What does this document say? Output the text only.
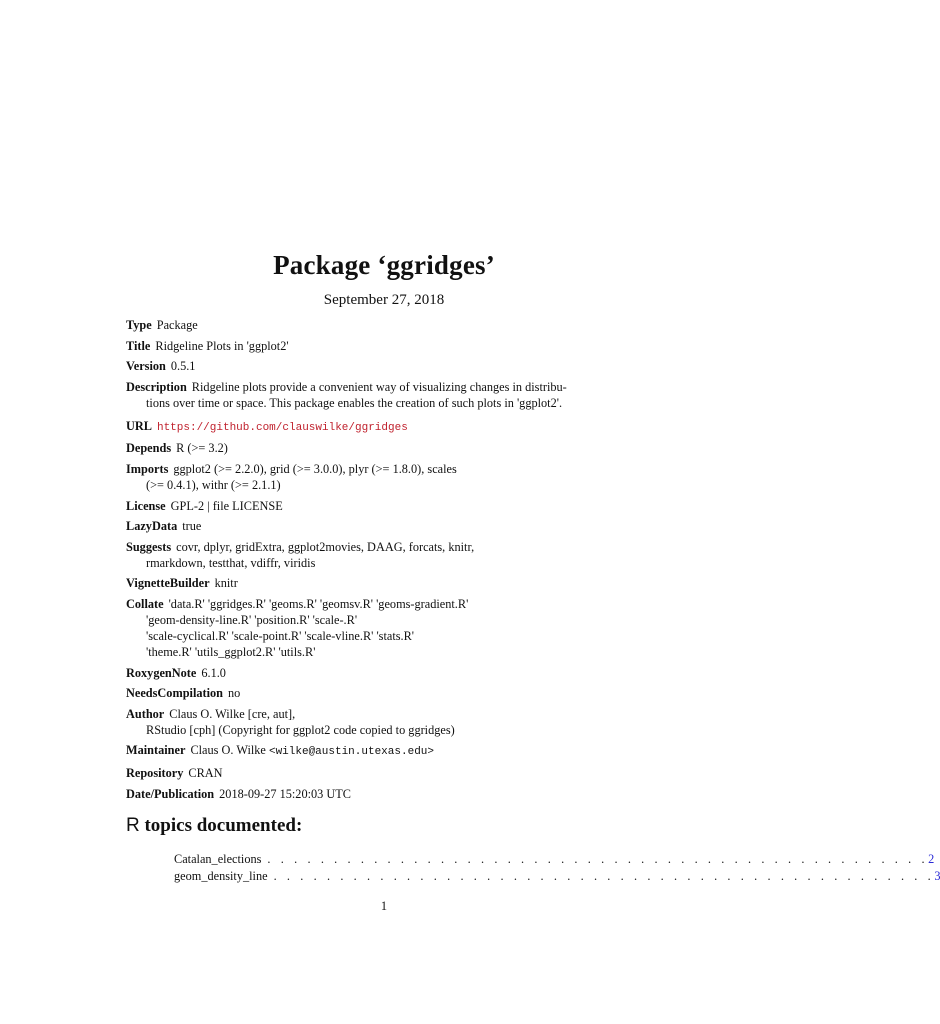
Package ‘ggridges’
September 27, 2018
Type Package
Title Ridgeline Plots in 'ggplot2'
Version 0.5.1
Description Ridgeline plots provide a convenient way of visualizing changes in distribu-
tions over time or space. This package enables the creation of such plots in 'ggplot2'.
URL https://github.com/clauswilke/ggridges
Depends R (>= 3.2)
Imports ggplot2 (>= 2.2.0), grid (>= 3.0.0), plyr (>= 1.8.0), scales
(>= 0.4.1), withr (>= 2.1.1)
License GPL-2 | file LICENSE
LazyData true
Suggests covr, dplyr, gridExtra, ggplot2movies, DAAG, forcats, knitr,
rmarkdown, testthat, vdiffr, viridis
VignetteBuilder knitr
Collate 'data.R' 'ggridges.R' 'geoms.R' 'geomsv.R' 'geoms-gradient.R'
'geom-density-line.R' 'position.R' 'scale-.R'
'scale-cyclical.R' 'scale-point.R' 'scale-vline.R' 'stats.R'
'theme.R' 'utils_ggplot2.R' 'utils.R'
RoxygenNote 6.1.0
NeedsCompilation no
Author Claus O. Wilke [cre, aut],
RStudio [cph] (Copyright for ggplot2 code copied to ggridges)
Maintainer Claus O. Wilke <wilke@austin.utexas.edu>
Repository CRAN
Date/Publication 2018-09-27 15:20:03 UTC
R topics documented:
Catalan_elections . . . . . . . . . . . . . . . . . . . . . . . . . . . . . . . . . . . . . . . . . . . . . . . . . . 2
geom_density_line . . . . . . . . . . . . . . . . . . . . . . . . . . . . . . . . . . . . . . . . . . . . . . . . . . 3
1
